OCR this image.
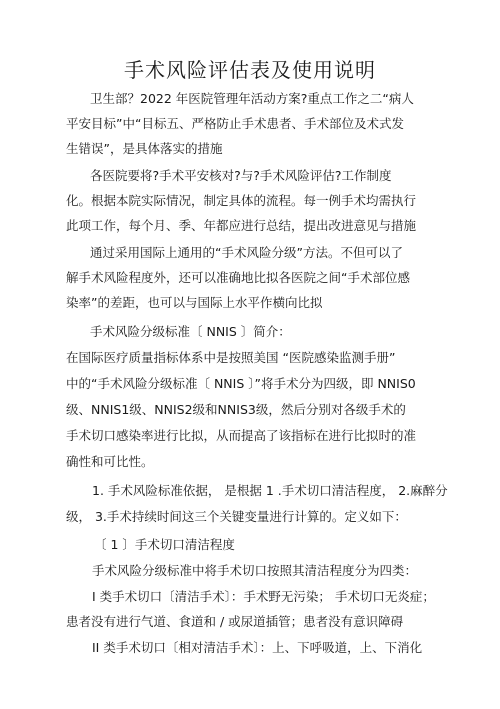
手术风险评估表及使用说明
卫生部？2022 年医院管理年活动方案?重点工作之二“病人
平安目标”中“目标五、严格防止手术患者、手术部位及术式发
生错误”，是具体落实的措施
各医院要将?手术平安核对?与?手术风险评估?工作制度
化。根据本院实际情况，制定具体的流程。每一例手术均需执行
此项工作，每个月、季、年都应进行总结，提出改进意见与措施
通过采用国际上通用的“手术风险分级”方法。不但可以了
解手术风险程度外，还可以准确地比拟各医院之间“手术部位感
染率”的差距，也可以与国际上水平作横向比拟
手术风险分级标准〔 NNIS 〕简介：
在国际医疗质量指标体系中是按照美国 “医院感染监测手册”
中的“手术风险分级标准〔 NNIS 〕”将手术分为四级，即 NNIS0
级、NNIS1级、NNIS2级和NNIS3级，然后分别对各级手术的
手术切口感染率进行比拟，从而提高了该指标在进行比拟时的准
确性和可比性。
1. 手术风险标准依据， 是根据 1 .手术切口清洁程度， 2.麻醉分
级， 3.手术持续时间这三个关键变量进行计算的。定义如下：
〔 1 〕手术切口清洁程度
手术风险分级标准中将手术切口按照其清洁程度分为四类：
I 类手术切口〔清洁手术〕：手术野无污染； 手术切口无炎症；
患者没有进行气道、食道和 / 或尿道插管；患者没有意识障碍
II 类手术切口〔相对清洁手术〕：上、下呼吸道，上、下消化
